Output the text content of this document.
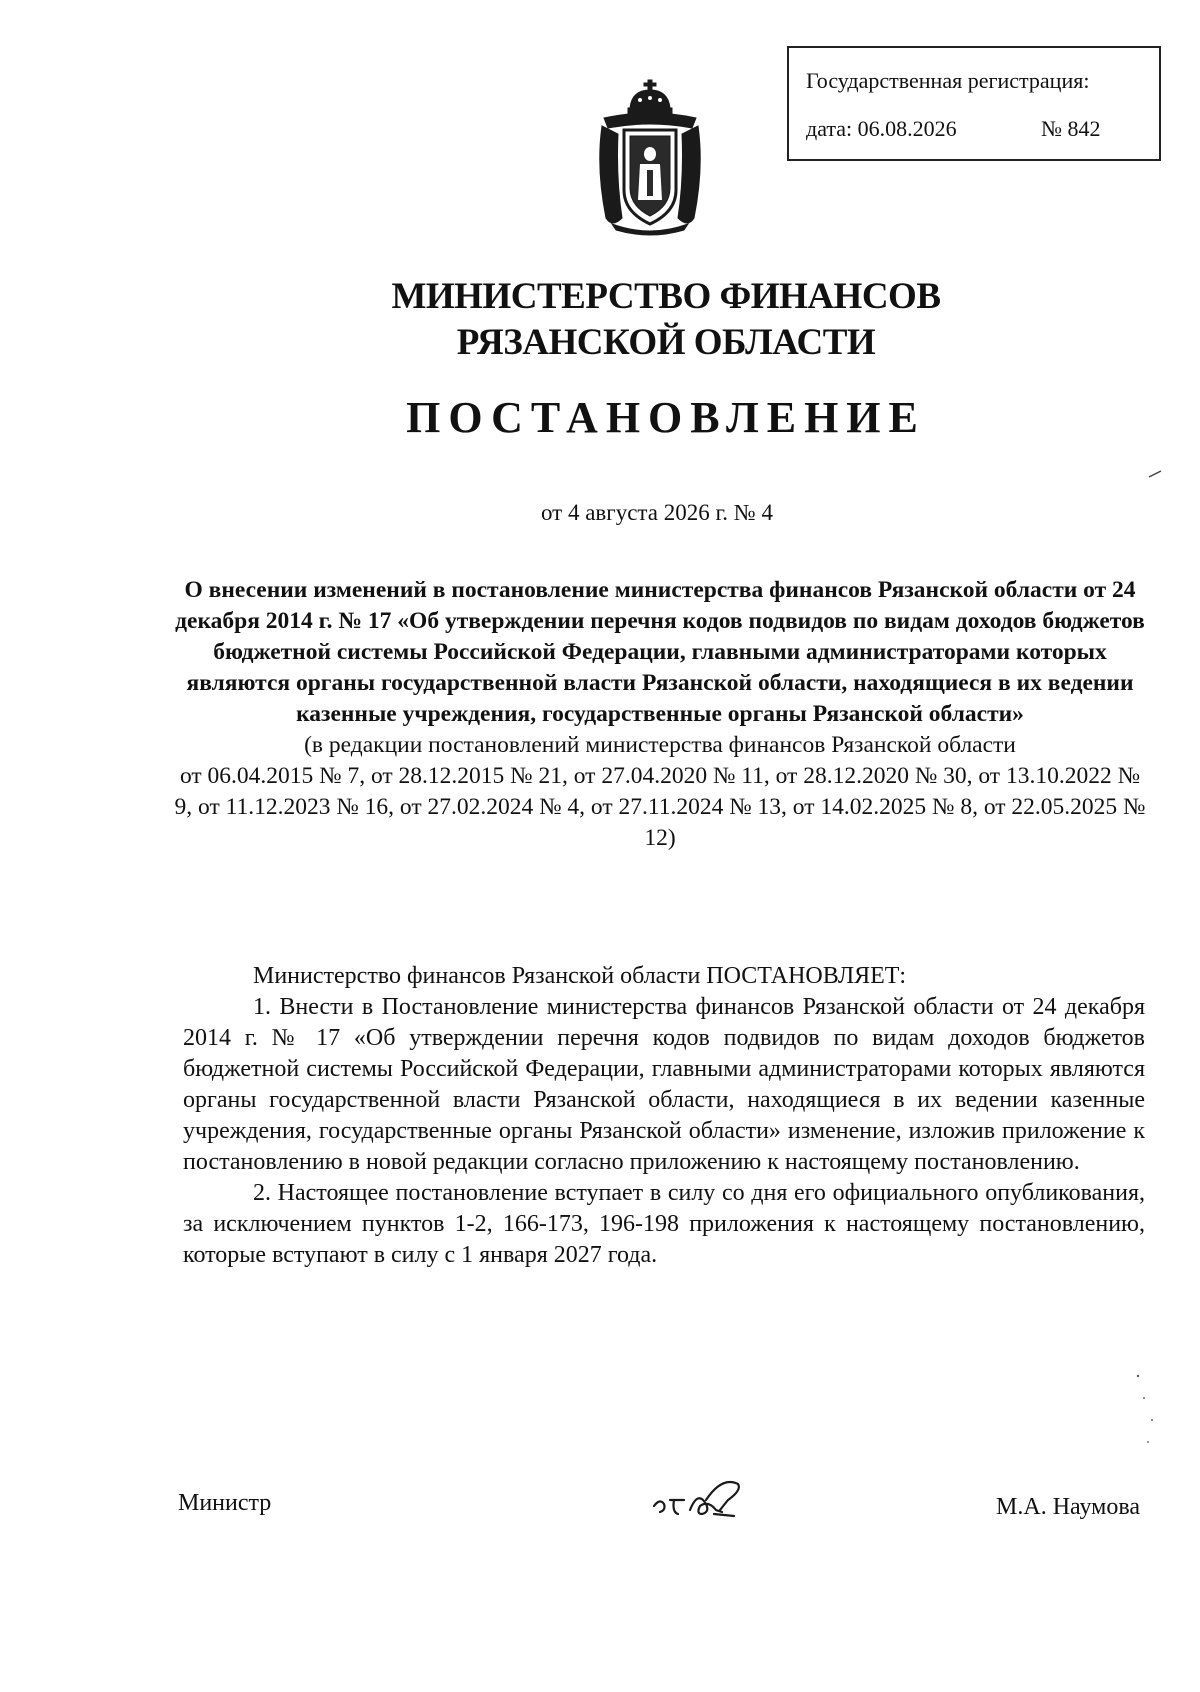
Государственная регистрация:
дата: 06.08.2026	№ 842
МИНИСТЕРСТВО ФИНАНСОВ
РЯЗАНСКОЙ ОБЛАСТИ
ПОСТАНОВЛЕНИЕ
от 4 августа 2026 г. № 4
О внесении изменений в постановление министерства финансов Рязанской области от 24 декабря 2014 г. № 17 «Об утверждении перечня кодов подвидов по видам доходов бюджетов бюджетной системы Российской Федерации, главными администраторами которых являются органы государственной власти Рязанской области, находящиеся в их ведении казенные учреждения, государственные органы Рязанской области»
(в редакции постановлений министерства финансов Рязанской области
от 06.04.2015 № 7, от 28.12.2015 № 21, от 27.04.2020 № 11, от 28.12.2020 № 30, от 13.10.2022 № 9, от 11.12.2023 № 16, от 27.02.2024 № 4, от 27.11.2024 № 13, от 14.02.2025 № 8, от 22.05.2025 № 12)

Министерство финансов Рязанской области ПОСТАНОВЛЯЕТ:

1. Внести в Постановление министерства финансов Рязанской области от 24 декабря 2014 г. № 17 «Об утверждении перечня кодов подвидов по видам доходов бюджетов бюджетной системы Российской Федерации, главными администраторами которых являются органы государственной власти Рязанской области, находящиеся в их ведении казенные учреждения, государственные органы Рязанской области» изменение, изложив приложение к постановлению в новой редакции согласно приложению к настоящему постановлению.

2. Настоящее постановление вступает в силу со дня его официального опубликования, за исключением пунктов 1-2, 166-173, 196-198 приложения к настоящему постановлению, которые вступают в силу с 1 января 2027 года.

Министр	М.А. Наумова
